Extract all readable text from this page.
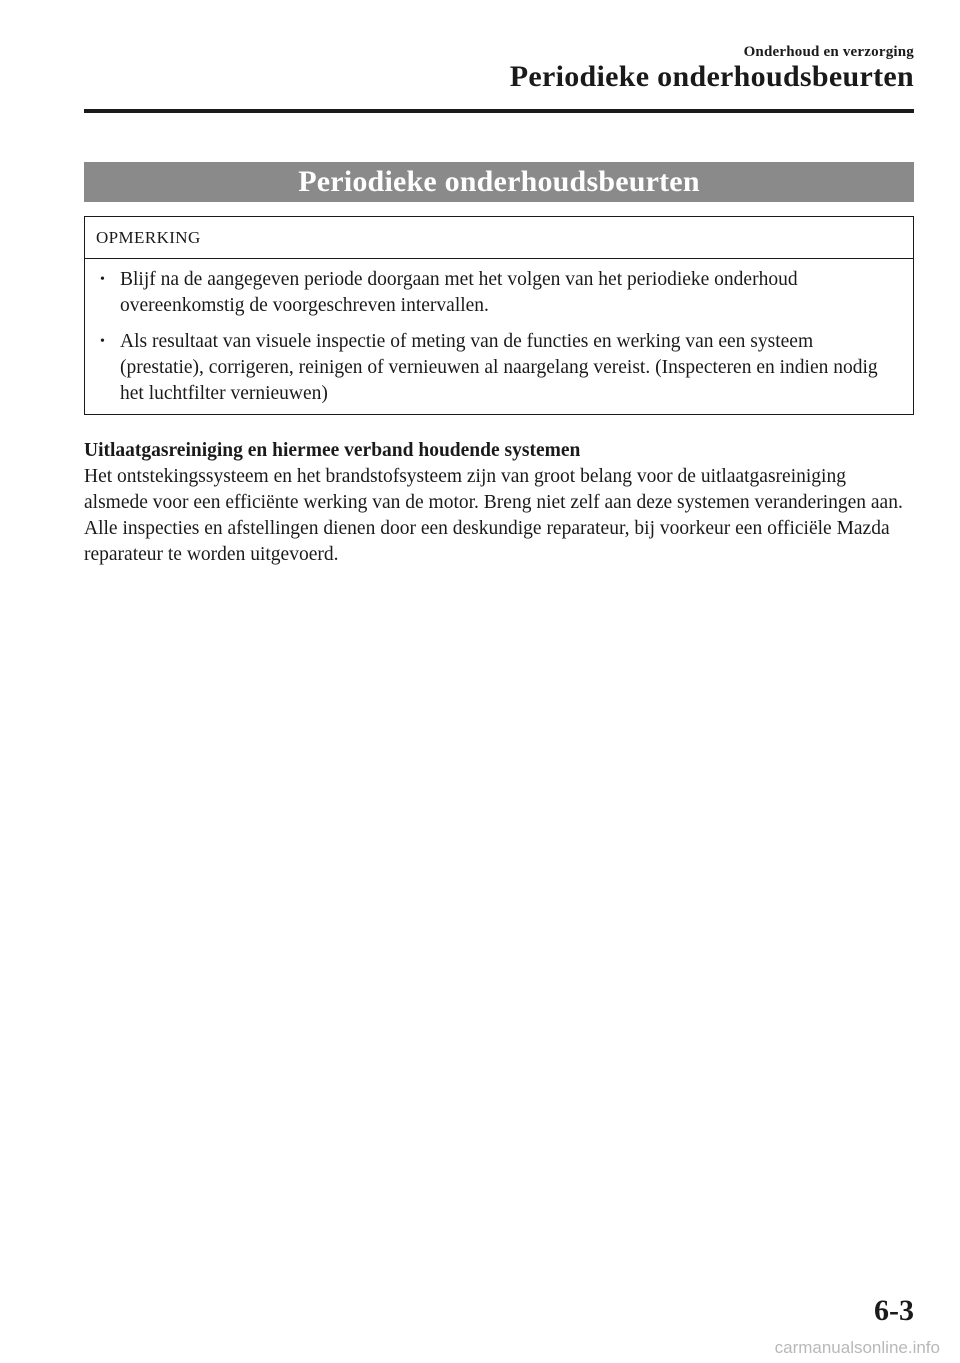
Onderhoud en verzorging
Periodieke onderhoudsbeurten
Periodieke onderhoudsbeurten
OPMERKING
• Blijf na de aangegeven periode doorgaan met het volgen van het periodieke onderhoud overeenkomstig de voorgeschreven intervallen.
• Als resultaat van visuele inspectie of meting van de functies en werking van een systeem (prestatie), corrigeren, reinigen of vernieuwen al naargelang vereist. (Inspecteren en indien nodig het luchtfilter vernieuwen)

Uitlaatgasreiniging en hiermee verband houdende systemen

Het ontstekingssysteem en het brandstofsysteem zijn van groot belang voor de uitlaatgasreiniging alsmede voor een efficiënte werking van de motor. Breng niet zelf aan deze systemen veranderingen aan.

Alle inspecties en afstellingen dienen door een deskundige reparateur, bij voorkeur een officiële Mazda reparateur te worden uitgevoerd.

6-3
carmanualsonline.info
